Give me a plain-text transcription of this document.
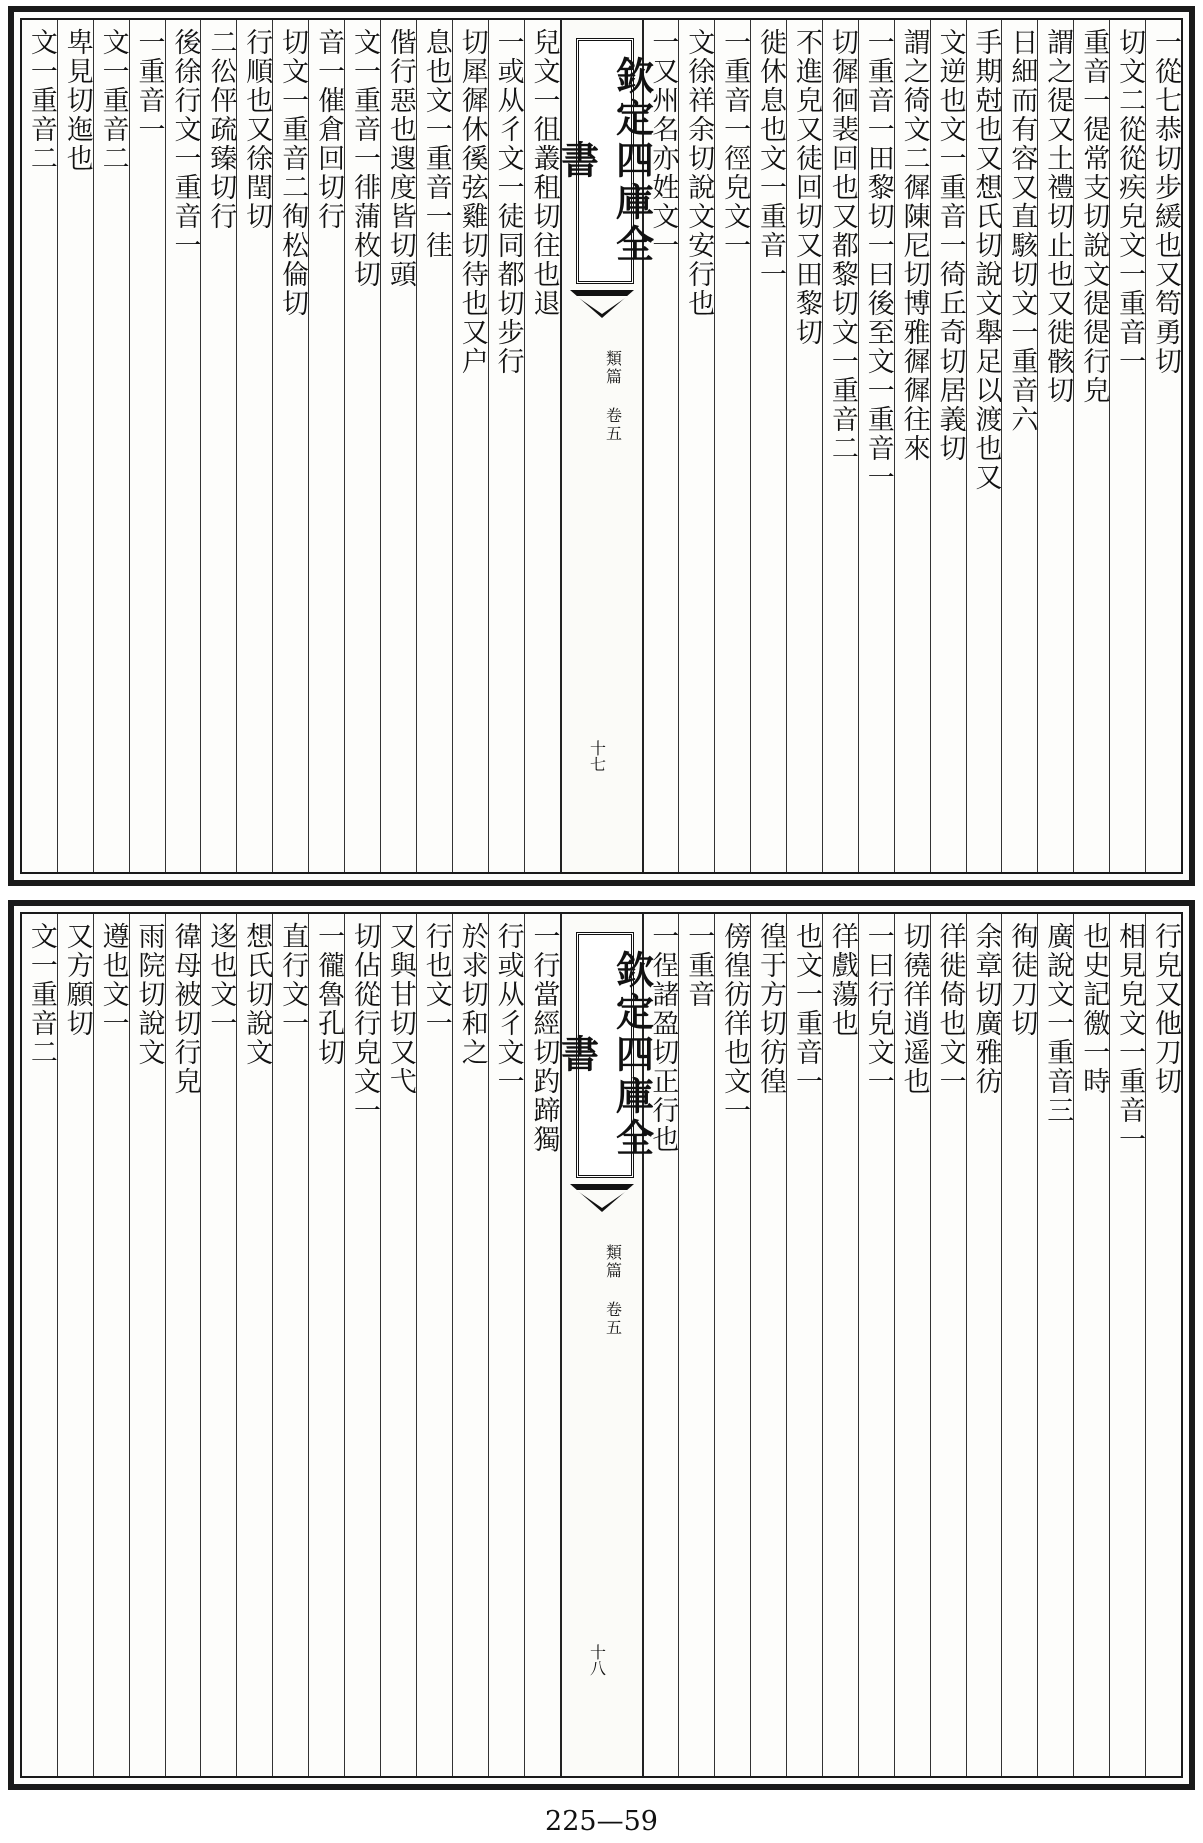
一從七恭切步緩也又笱勇切
切文二從從疾皃文一重音一
重音一徥常支切說文徥徥行皃
謂之徥又土禮切止也又徙骸切
日細而有容又直駭切文一重音六
手期尅也又想氏切說文舉足以渡也又
文逆也文一重音一徛丘奇切居義切
謂之徛文二徲陳尼切博雅徲徲往來
一重音一田黎切一曰後至文一重音一
切徲徊裴回也又都黎切文一重音二
不進皃又徒回切又田黎切
徙休息也文一重音一
一重音一徑皃文一
文徐祥余切說文安行也
一又州名亦姓文一
欽定四庫全書
類篇 卷五
十七
兒文一徂叢租切往也退
一或从彳文一徒同都切步行
切犀徲休徯弦雞切待也又户
息也文一重音一徍
偕行惡也遚度皆切頭
文一重音一徘蒲枚切
音一催倉回切行
切文一重音二徇松倫切
行順也又徐閏切
二彸伻疏臻切行
後徐行文一重音一
一重音一
文一重音二
卑見切迤也
文一重音二
行皃又他刀切
相見皃文一重音一
也史記徼一時
廣說文一重音三
徇徒刀切
余章切廣雅彷
徉徙倚也文一
切徺徉逍遥也
一曰行皃文一
徉戲蕩也
也文一重音一
徨于方切彷徨
傍徨彷徉也文一
一重音
一徎諸盈切正行也
欽定四庫全書
類篇 卷五
十八
一行當經切趵蹄獨
行或从彳文一
於求切和之
行也文一
又與甘切又弋
切佔從行皃文一
一徿魯孔切
直行文一
想氏切說文
迻也文一
徫母被切行皃
雨院切說文
遵也文一
又方願切
文一重音二
225—59
